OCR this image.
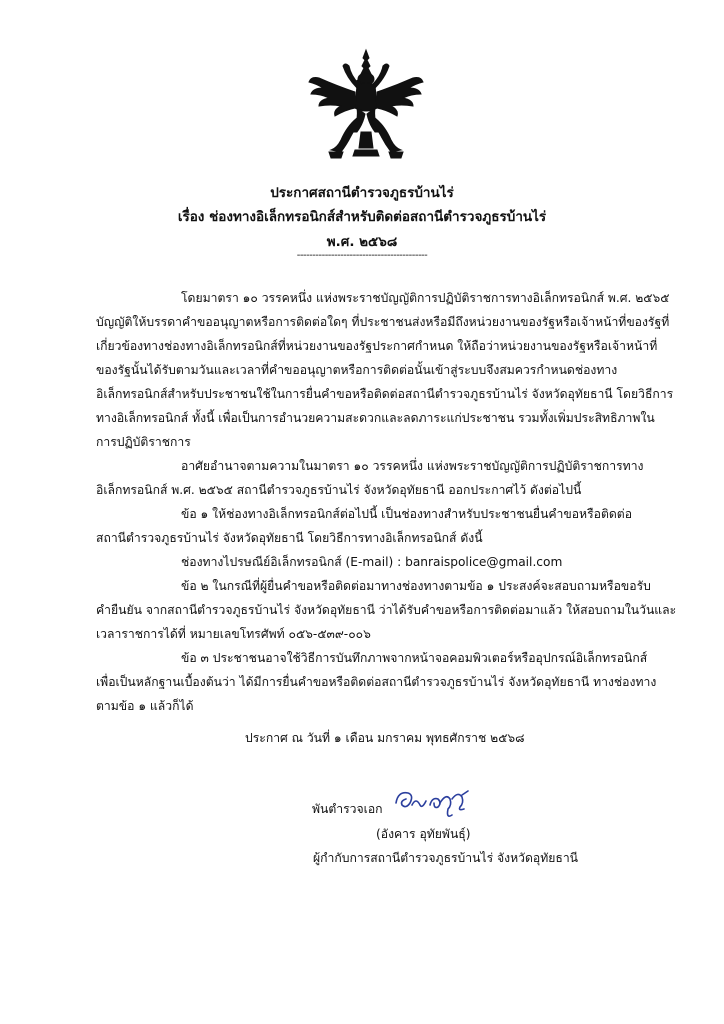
ประกาศสถานีตำรวจภูธรบ้านไร่
เรื่อง ช่องทางอิเล็กทรอนิกส์สำหรับติดต่อสถานีตำรวจภูธรบ้านไร่
พ.ศ. ๒๕๖๘
------------------------------------------
โดยมาตรา ๑๐ วรรคหนึ่ง แห่งพระราชบัญญัติการปฏิบัติราชการทางอิเล็กทรอนิกส์ พ.ศ. ๒๕๖๕
บัญญัติให้บรรดาคำขออนุญาตหรือการติดต่อใดๆ ที่ประชาชนส่งหรือมีถึงหน่วยงานของรัฐหรือเจ้าหน้าที่ของรัฐที่
เกี่ยวข้องทางช่องทางอิเล็กทรอนิกส์ที่หน่วยงานของรัฐประกาศกำหนด ให้ถือว่าหน่วยงานของรัฐหรือเจ้าหน้าที่
ของรัฐนั้นได้รับตามวันและเวลาที่คำขออนุญาตหรือการติดต่อนั้นเข้าสู่ระบบจึงสมควรกำหนดช่องทาง
อิเล็กทรอนิกส์สำหรับประชาชนใช้ในการยื่นคำขอหรือติดต่อสถานีตำรวจภูธรบ้านไร่ จังหวัดอุทัยธานี โดยวิธีการ
ทางอิเล็กทรอนิกส์ ทั้งนี้ เพื่อเป็นการอำนวยความสะดวกและลดภาระแก่ประชาชน รวมทั้งเพิ่มประสิทธิภาพใน
การปฏิบัติราชการ
อาศัยอำนาจตามความในมาตรา ๑๐ วรรคหนึ่ง แห่งพระราชบัญญัติการปฏิบัติราชการทาง
อิเล็กทรอนิกส์ พ.ศ. ๒๕๖๕ สถานีตำรวจภูธรบ้านไร่ จังหวัดอุทัยธานี ออกประกาศไว้ ดังต่อไปนี้
ข้อ ๑ ให้ช่องทางอิเล็กทรอนิกส์ต่อไปนี้ เป็นช่องทางสำหรับประชาชนยื่นคำขอหรือติดต่อ
สถานีตำรวจภูธรบ้านไร่ จังหวัดอุทัยธานี โดยวิธีการทางอิเล็กทรอนิกส์ ดังนี้
ช่องทางไปรษณีย์อิเล็กทรอนิกส์ (E-mail) : banraispolice@gmail.com
ข้อ ๒ ในกรณีที่ผู้ยื่นคำขอหรือติดต่อมาทางช่องทางตามข้อ ๑ ประสงค์จะสอบถามหรือขอรับ
คำยืนยัน จากสถานีตำรวจภูธรบ้านไร่ จังหวัดอุทัยธานี ว่าได้รับคำขอหรือการติดต่อมาแล้ว ให้สอบถามในวันและ
เวลาราชการได้ที่ หมายเลขโทรศัพท์ ๐๕๖-๕๓๙-๐๐๖
ข้อ ๓ ประชาชนอาจใช้วิธีการบันทึกภาพจากหน้าจอคอมพิวเตอร์หรืออุปกรณ์อิเล็กทรอนิกส์
เพื่อเป็นหลักฐานเบื้องต้นว่า ได้มีการยื่นคำขอหรือติดต่อสถานีตำรวจภูธรบ้านไร่ จังหวัดอุทัยธานี ทางช่องทาง
ตามข้อ ๑ แล้วก็ได้
ประกาศ ณ วันที่ ๑ เดือน มกราคม พุทธศักราช ๒๕๖๘
พันตำรวจเอก
(อังคาร อุทัยพันธุ์)
ผู้กำกับการสถานีตำรวจภูธรบ้านไร่ จังหวัดอุทัยธานี
